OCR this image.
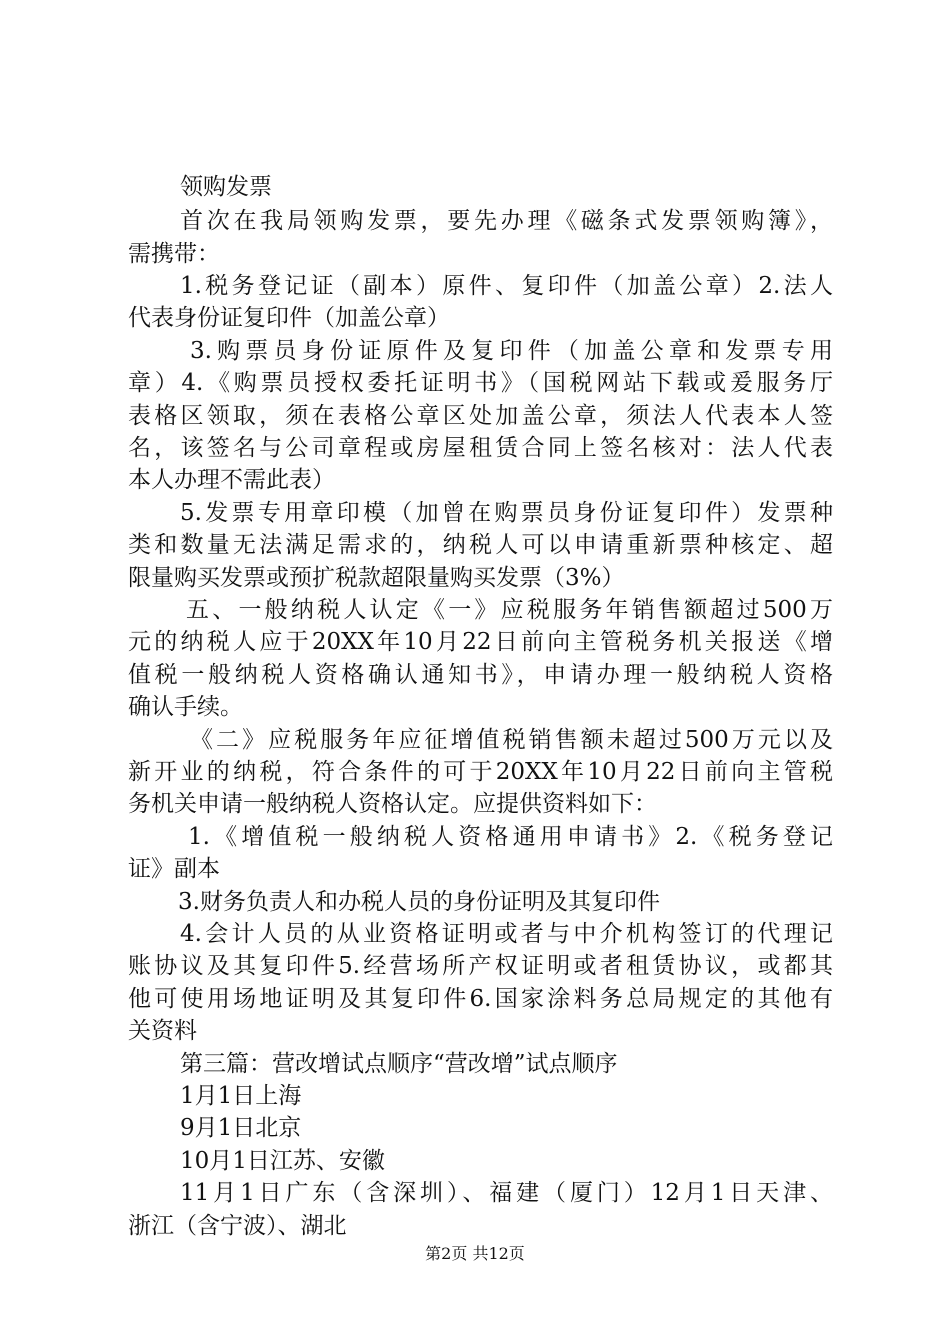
领购发票
首次在我局领购发票，要先办理《磁条式发票领购簿》，
需携带：
1.税务登记证（副本）原件、复印件（加盖公章）2.法人
代表身份证复印件（加盖公章）
3.购票员身份证原件及复印件（加盖公章和发票专用
章）4.《购票员授权委托证明书》（国税网站下载或爰服务厅
表格区领取，须在表格公章区处加盖公章，须法人代表本人签
名，该签名与公司章程或房屋租赁合同上签名核对：法人代表
本人办理不需此表）
5.发票专用章印模（加曾在购票员身份证复印件）发票种
类和数量无法满足需求的，纳税人可以申请重新票种核定、超
限量购买发票或预扩税款超限量购买发票（3%）
五、一般纳税人认定《一》应税服务年销售额超过500万
元的纳税人应于20XX年10月22日前向主管税务机关报送《增
值税一般纳税人资格确认通知书》，申请办理一般纳税人资格
确认手续。
《二》应税服务年应征增值税销售额未超过500万元以及
新开业的纳税，符合条件的可于20XX年10月22日前向主管税
务机关申请一般纳税人资格认定。应提供资料如下：
1.《增值税一般纳税人资格通用申请书》2.《税务登记
证》副本
3.财务负责人和办税人员的身份证明及其复印件
4.会计人员的从业资格证明或者与中介机构签订的代理记
账协议及其复印件5.经营场所产权证明或者租赁协议，或都其
他可使用场地证明及其复印件6.国家涂料务总局规定的其他有
关资料
第三篇：营改增试点顺序“营改增”试点顺序
1月1日上海
9月1日北京
10月1日江苏、安徽
11月1日广东（含深圳）、福建（厦门）12月1日天津、
浙江（含宁波）、湖北
第2页 共12页
